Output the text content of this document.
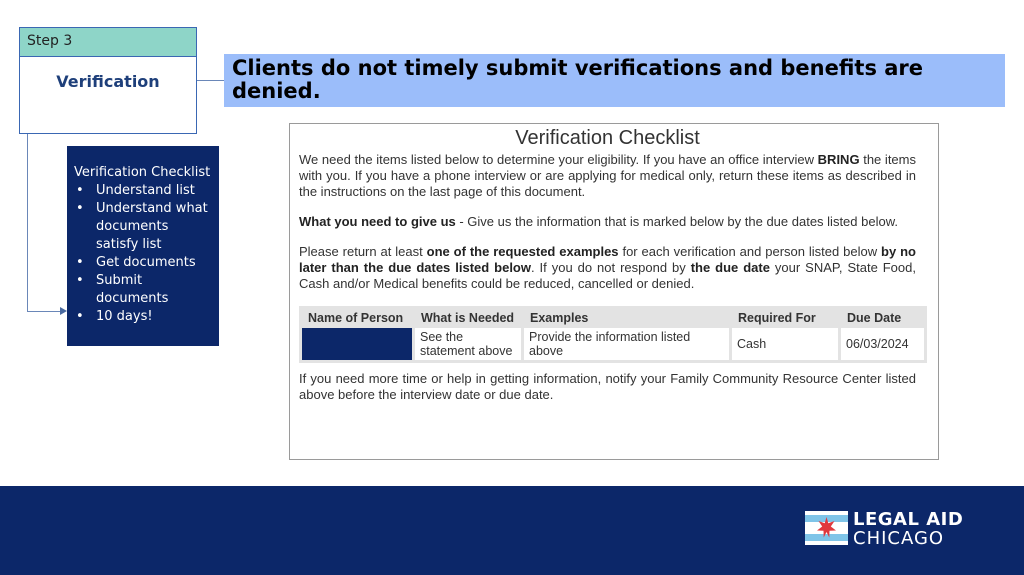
Step 3
Verification
Clients do not timely submit verifications and benefits are denied.
Verification Checklist
• Understand list
• Understand what documents satisfy list
• Get documents
• Submit documents
• 10 days!
Verification Checklist

We need the items listed below to determine your eligibility. If you have an office interview BRING the items with you. If you have a phone interview or are applying for medical only, return these items as described in the instructions on the last page of this document.

What you need to give us - Give us the information that is marked below by the due dates listed below.

Please return at least one of the requested examples for each verification and person listed below by no later than the due dates listed below. If you do not respond by the due date your SNAP, State Food, Cash and/or Medical benefits could be reduced, cancelled or denied.

Name of Person	What is Needed	Examples	Required For	Due Date
	See the statement above	Provide the information listed above	Cash	06/03/2024

If you need more time or help in getting information, notify your Family Community Resource Center listed above before the interview date or due date.

LEGAL AID
CHICAGO
